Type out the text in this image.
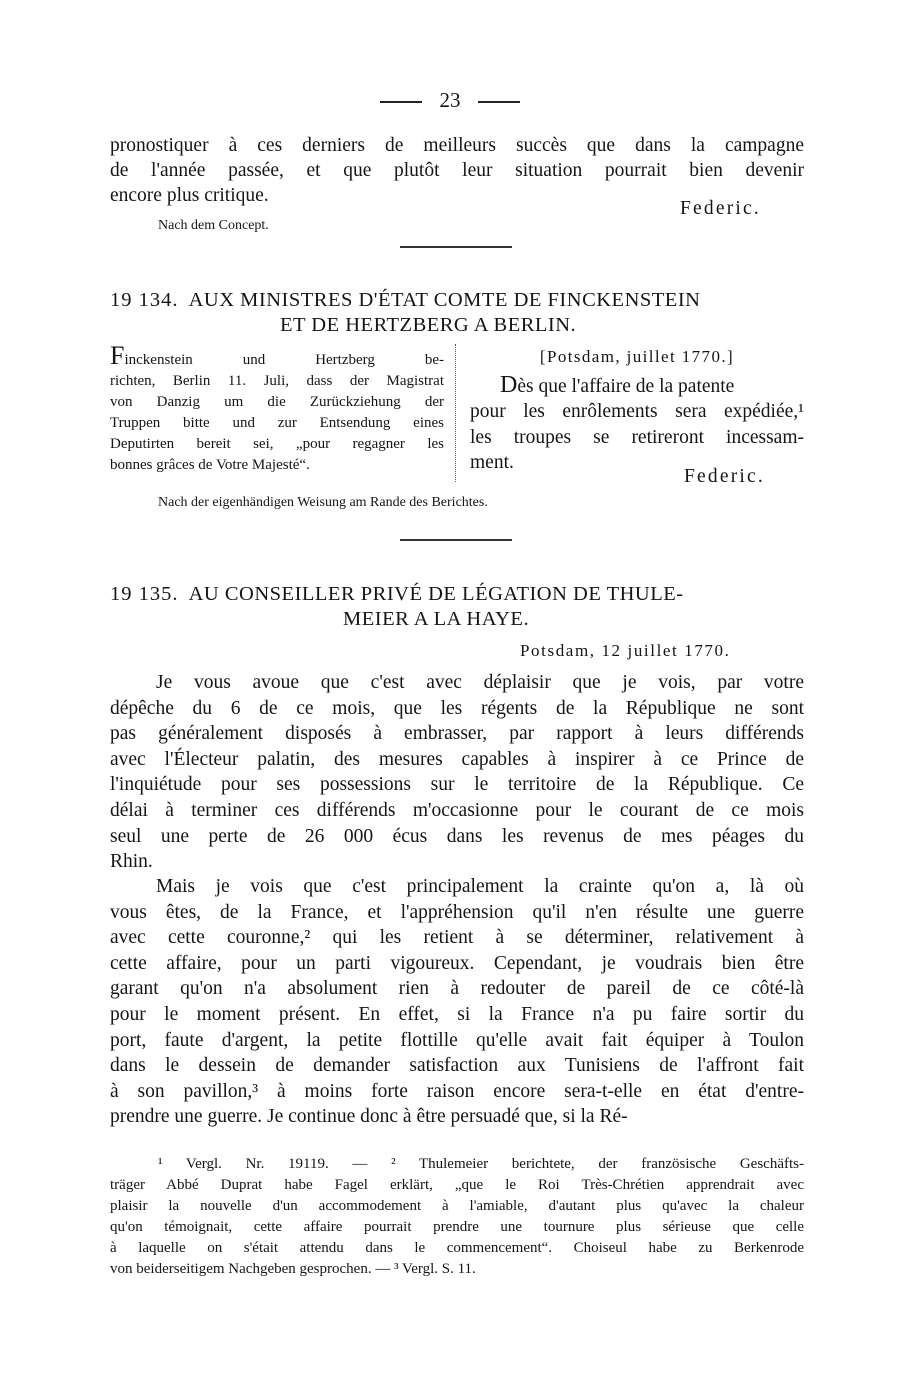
23
pronostiquer à ces derniers de meilleurs succès que dans la campagne
de l'année passée, et que plutôt leur situation pourrait bien devenir
encore plus critique.
Federic.
Nach dem Concept.
19 134. AUX MINISTRES D'ÉTAT COMTE DE FINCKENSTEIN
ET DE HERTZBERG A BERLIN.
Finckenstein und Hertzberg be-
richten, Berlin 11. Juli, dass der Magistrat
von Danzig um die Zurückziehung der
Truppen bitte und zur Entsendung eines
Deputirten bereit sei, „pour regagner les
bonnes grâces de Votre Majesté“.
[Potsdam, juillet 1770.]
Dès que l'affaire de la patente
pour les enrôlements sera expédiée,¹
les troupes se retireront incessam-
ment.
Federic.
Nach der eigenhändigen Weisung am Rande des Berichtes.
19 135. AU CONSEILLER PRIVÉ DE LÉGATION DE THULE-
MEIER A LA HAYE.
Potsdam, 12 juillet 1770.
Je vous avoue que c'est avec déplaisir que je vois, par votre
dépêche du 6 de ce mois, que les régents de la République ne sont
pas généralement disposés à embrasser, par rapport à leurs différends
avec l'Électeur palatin, des mesures capables à inspirer à ce Prince de
l'inquiétude pour ses possessions sur le territoire de la République. Ce
délai à terminer ces différends m'occasionne pour le courant de ce mois
seul une perte de 26 000 écus dans les revenus de mes péages du
Rhin.
Mais je vois que c'est principalement la crainte qu'on a, là où
vous êtes, de la France, et l'appréhension qu'il n'en résulte une guerre
avec cette couronne,² qui les retient à se déterminer, relativement à
cette affaire, pour un parti vigoureux. Cependant, je voudrais bien être
garant qu'on n'a absolument rien à redouter de pareil de ce côté-là
pour le moment présent. En effet, si la France n'a pu faire sortir du
port, faute d'argent, la petite flottille qu'elle avait fait équiper à Toulon
dans le dessein de demander satisfaction aux Tunisiens de l'affront fait
à son pavillon,³ à moins forte raison encore sera-t-elle en état d'entre-
prendre une guerre. Je continue donc à être persuadé que, si la Ré-
¹ Vergl. Nr. 19119. — ² Thulemeier berichtete, der französische Geschäfts-
träger Abbé Duprat habe Fagel erklärt, „que le Roi Très-Chrétien apprendrait avec
plaisir la nouvelle d'un accommodement à l'amiable, d'autant plus qu'avec la chaleur
qu'on témoignait, cette affaire pourrait prendre une tournure plus sérieuse que celle
à laquelle on s'était attendu dans le commencement“. Choiseul habe zu Berkenrode
von beiderseitigem Nachgeben gesprochen. — ³ Vergl. S. 11.
